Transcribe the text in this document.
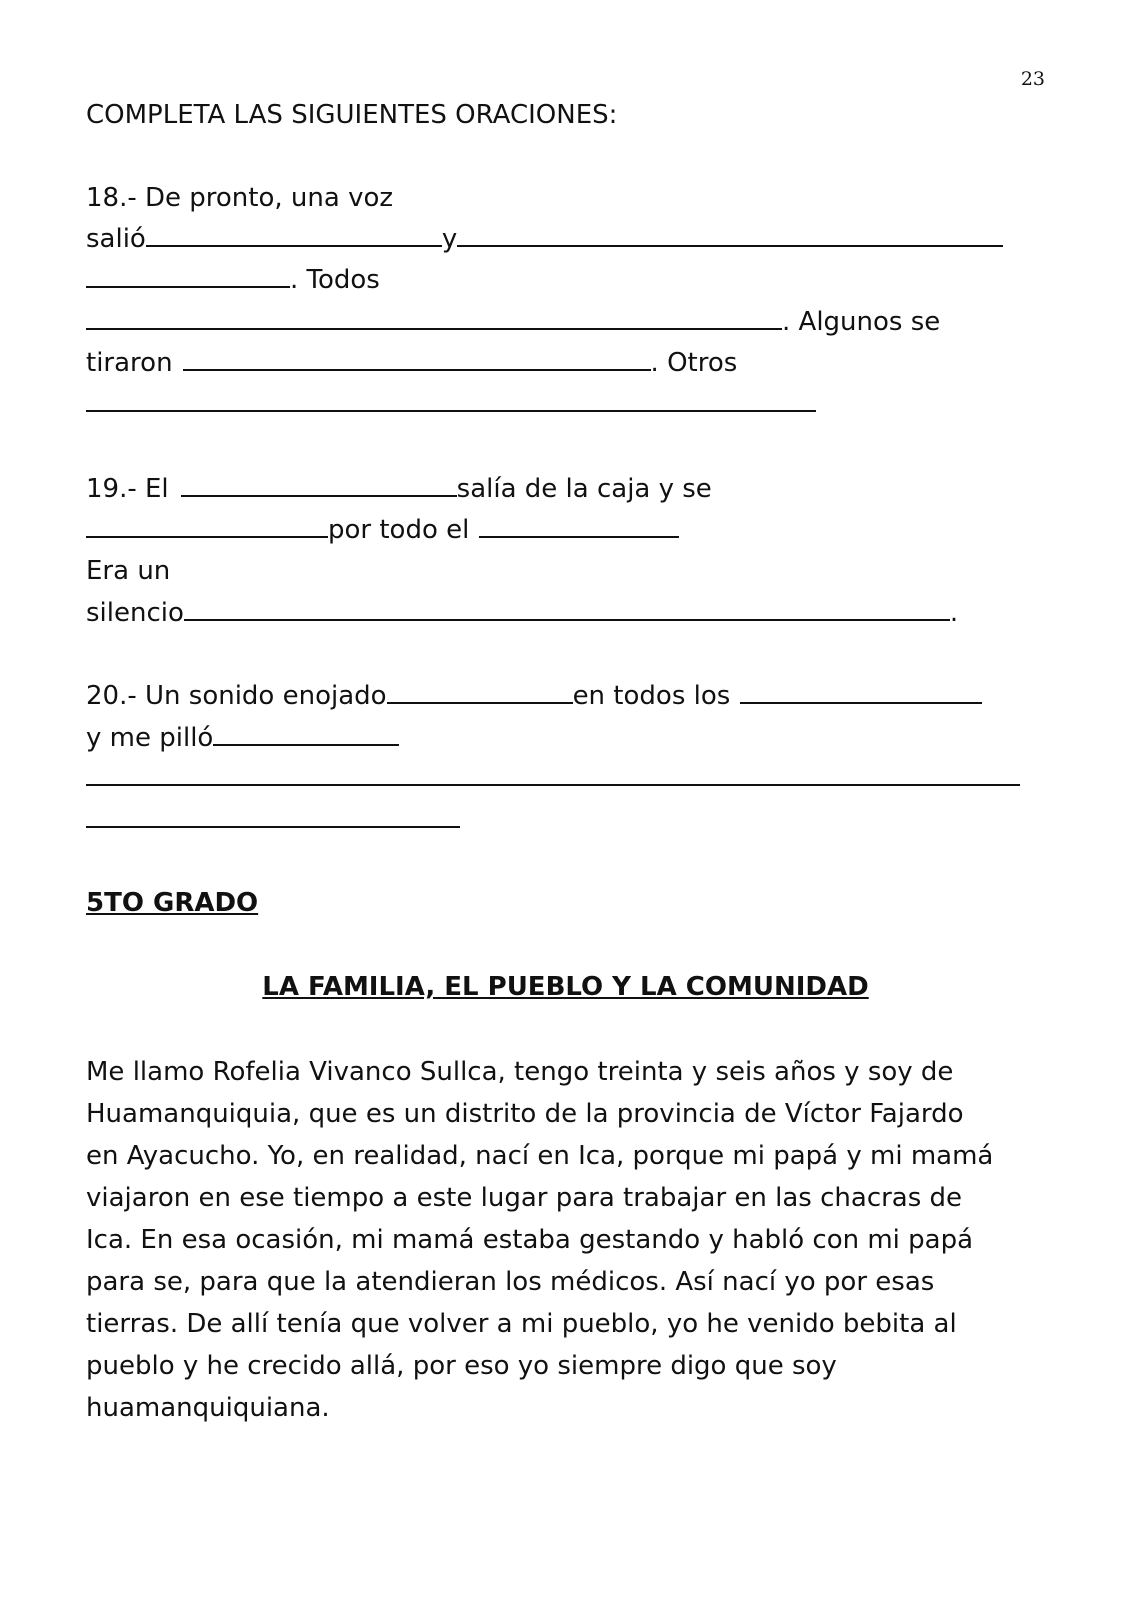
23
COMPLETA LAS SIGUIENTES ORACIONES:
18.- De pronto, una voz
salió	y
. Todos
. Algunos se
tiraron	. Otros
19.- El	salía de la caja y se
por todo el
Era un
silencio	.
20.- Un sonido enojado	en todos los
y me pilló
5TO GRADO
LA FAMILIA, EL PUEBLO Y LA COMUNIDAD

Me llamo Rofelia Vivanco Sullca, tengo treinta y seis años y soy de

Huamanquiquia, que es un distrito de la provincia de Víctor Fajardo

en Ayacucho. Yo, en realidad, nací en Ica, porque mi papá y mi mamá

viajaron en ese tiempo a este lugar para trabajar en las chacras de

Ica. En esa ocasión, mi mamá estaba gestando y habló con mi papá

para se, para que la atendieran los médicos. Así nací yo por esas

tierras. De allí tenía que volver a mi pueblo, yo he venido bebita al

pueblo y he crecido allá, por eso yo siempre digo que soy

huamanquiquiana.
